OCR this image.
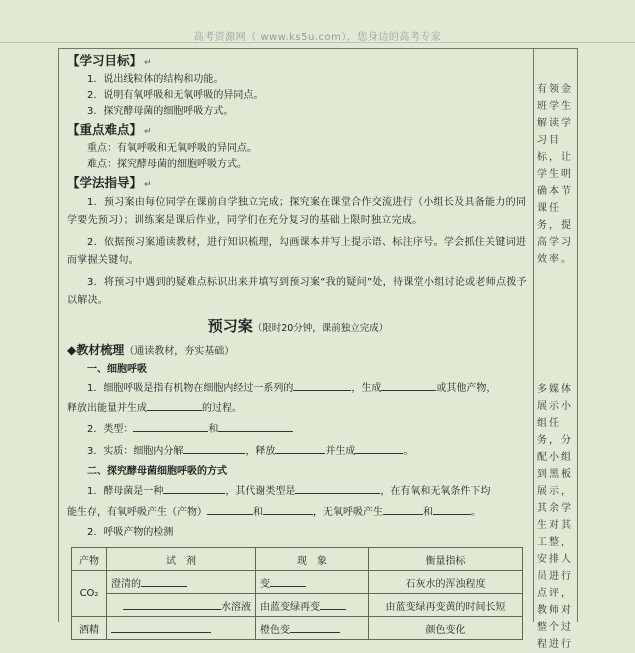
高考资源网（ www.ks5u.com），您身边的高考专家
【学习目标】 ↵
1．说出线粒体的结构和功能。
2．说明有氧呼吸和无氧呼吸的异同点。
3．探究酵母菌的细胞呼吸方式。
【重点难点】 ↵
重点：有氧呼吸和无氧呼吸的异同点。
难点：探究酵母菌的细胞呼吸方式。
【学法指导】 ↵
1．预习案由每位同学在课前自学独立完成；探究案在课堂合作交流进行（小组长及具备能力的同学要先预习）；训练案是课后作业，同学们在充分复习的基础上限时独立完成。
2．依据预习案通读教材，进行知识梳理，勾画课本并写上提示语、标注序号。学会抓住关键词进而掌握关键句。
3．将预习中遇到的疑难点标识出来并填写到预习案“我的疑问”处，待课堂小组讨论或老师点拨予以解决。
预习案（限时20分钟，课前独立完成）
◆教材梳理（通读教材，夯实基础）
一、细胞呼吸
1．细胞呼吸是指有机物在细胞内经过一系列的	，生成	或其他产物，
释放出能量并生成	的过程。
2．类型：	和
3．实质：细胞内分解	，释放	并生成	。
二、探究酵母菌细胞呼吸的方式
1．酵母菌是一种	，其代谢类型是	，在有氧和无氧条件下均
能生存，有氧呼吸产生（产物）	和	，无氧呼吸产生	和	。
2．呼吸产物的检测
产物	试　剂	现　象	衡量指标
CO₂	澄清的	变	石灰水的浑浊程度
	水溶液	由蓝变绿再变	由蓝变绿再变黄的时间长短
酒精		橙色变	颜色变化
有领金班学生解读学习目标，让学生明确本节课任务，提高学习效率。
多媒体展示小组任务，分配小组到黑板展示，其余学生对其工整，安排人员进行点评，教师对整个过程进行
